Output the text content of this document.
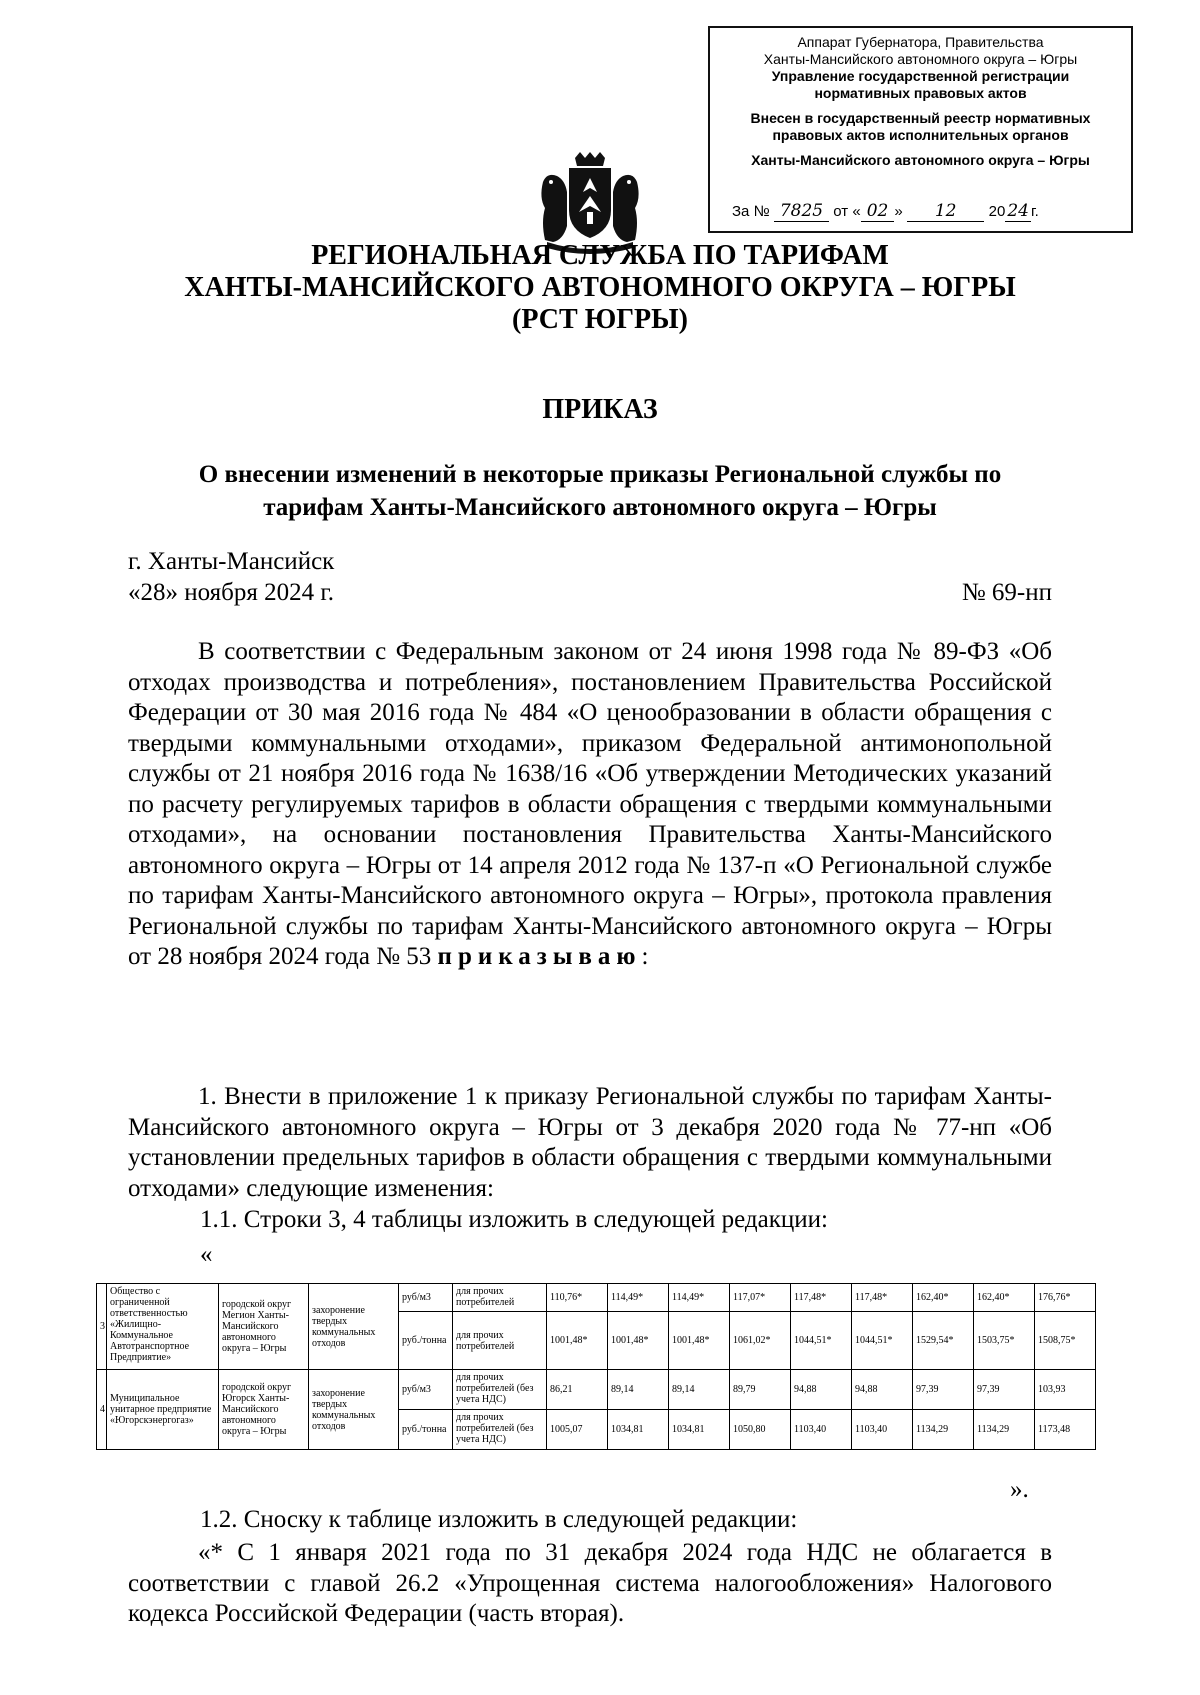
Аппарат Губернатора, Правительства
Ханты-Мансийского автономного округа – Югры
Управление государственной регистрации
нормативных правовых актов
Внесен в государственный реестр нормативных
правовых актов исполнительных органов
Ханты-Мансийского автономного округа – Югры
За № 7825 от « 02 » 12 20 24 г.
РЕГИОНАЛЬНАЯ СЛУЖБА ПО ТАРИФАМ
ХАНТЫ-МАНСИЙСКОГО АВТОНОМНОГО ОКРУГА – ЮГРЫ
(РСТ ЮГРЫ)
ПРИКАЗ
О внесении изменений в некоторые приказы Региональной службы по
тарифам Ханты-Мансийского автономного округа – Югры
г. Ханты-Мансийск
«28» ноября 2024 г.	№ 69-нп
В соответствии с Федеральным законом от 24 июня 1998 года № 89-ФЗ «Об отходах производства и потребления», постановлением Правительства Российской Федерации от 30 мая 2016 года № 484 «О ценообразовании в области обращения с твердыми коммунальными отходами», приказом Федеральной антимонопольной службы от 21 ноября 2016 года № 1638/16 «Об утверждении Методических указаний по расчету регулируемых тарифов в области обращения с твердыми коммунальными отходами», на основании постановления Правительства Ханты-Мансийского автономного округа – Югры от 14 апреля 2012 года № 137-п «О Региональной службе по тарифам Ханты-Мансийского автономного округа – Югры», протокола правления Региональной службы по тарифам Ханты-Мансийского автономного округа – Югры от 28 ноября 2024 года № 53 приказываю:
1. Внести в приложение 1 к приказу Региональной службы по тарифам Ханты-Мансийского автономного округа – Югры от 3 декабря 2020 года № 77-нп «Об установлении предельных тарифов в области обращения с твердыми коммунальными отходами» следующие изменения:
1.1. Строки 3, 4 таблицы изложить в следующей редакции:
«
3	Общество с ограниченной ответственностью «Жилищно-Коммунальное Автотранспортное Предприятие»	городской округ Мегион Ханты-Мансийского автономного округа – Югры	захоронение твердых коммунальных отходов	руб/м3	для прочих потребителей	110,76*	114,49*	114,49*	117,07*	117,48*	117,48*	162,40*	162,40*	176,76*
				руб./тонна	для прочих потребителей	1001,48*	1001,48*	1001,48*	1061,02*	1044,51*	1044,51*	1529,54*	1503,75*	1508,75*
4	Муниципальное унитарное предприятие «Югорскэнергогаз»	городской округ Югорск Ханты-Мансийского автономного округа – Югры	захоронение твердых коммунальных отходов	руб/м3	для прочих потребителей (без учета НДС)	86,21	89,14	89,14	89,79	94,88	94,88	97,39	97,39	103,93
				руб./тонна	для прочих потребителей (без учета НДС)	1005,07	1034,81	1034,81	1050,80	1103,40	1103,40	1134,29	1134,29	1173,48
».
1.2. Сноску к таблице изложить в следующей редакции:
«* С 1 января 2021 года по 31 декабря 2024 года НДС не облагается в соответствии с главой 26.2 «Упрощенная система налогообложения» Налогового кодекса Российской Федерации (часть вторая).
